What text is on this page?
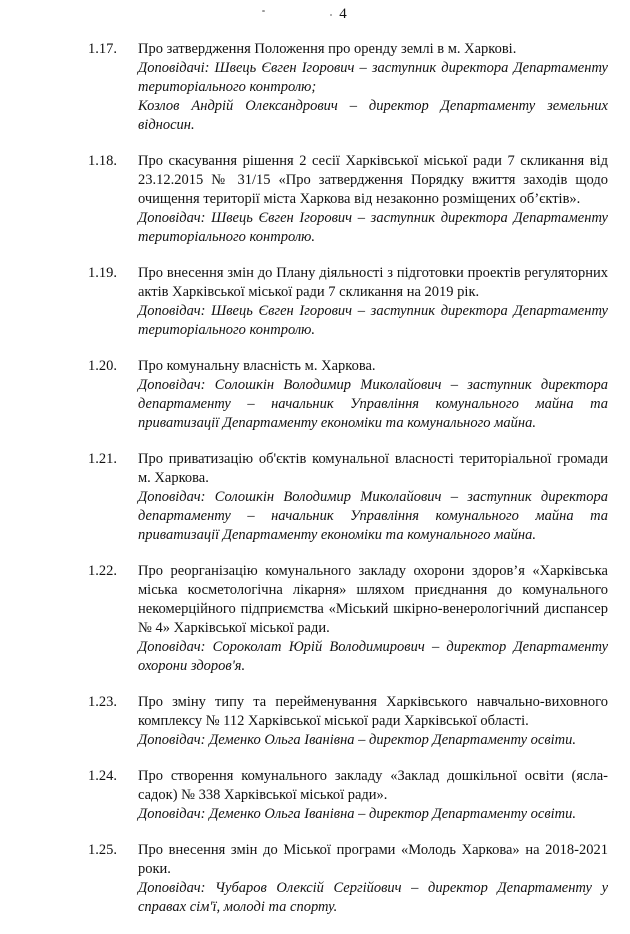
4
1.17.	Про затвердження Положення про оренду землі в м. Харкові.
Доповідачі: Швець Євген Ігорович – заступник директора Департаменту територіального контролю;
Козлов Андрій Олександрович – директор Департаменту земельних відносин.
1.18.	Про скасування рішення 2 сесії Харківської міської ради 7 скликання від 23.12.2015 № 31/15 «Про затвердження Порядку вжиття заходів щодо очищення території міста Харкова від незаконно розміщених об’єктів».
Доповідач: Швець Євген Ігорович – заступник директора Департаменту територіального контролю.
1.19.	Про внесення змін до Плану діяльності з підготовки проектів регуляторних актів Харківської міської ради 7 скликання на 2019 рік.
Доповідач: Швець Євген Ігорович – заступник директора Департаменту територіального контролю.
1.20.	Про комунальну власність м. Харкова.
Доповідач: Солошкін Володимир Миколайович – заступник директора департаменту – начальник Управління комунального майна та приватизації Департаменту економіки та комунального майна.
1.21.	Про приватизацію об'єктів комунальної власності територіальної громади м. Харкова.
Доповідач: Солошкін Володимир Миколайович – заступник директора департаменту – начальник Управління комунального майна та приватизації Департаменту економіки та комунального майна.
1.22.	Про реорганізацію комунального закладу охорони здоров’я «Харківська міська косметологічна лікарня» шляхом приєднання до комунального некомерційного підприємства «Міський шкірно-венерологічний диспансер № 4» Харківської міської ради.
Доповідач: Сороколат Юрій Володимирович – директор Департаменту охорони здоров'я.
1.23.	Про зміну типу та перейменування Харківського навчально-виховного комплексу № 112 Харківської міської ради Харківської області.
Доповідач: Деменко Ольга Іванівна – директор Департаменту освіти.
1.24.	Про створення комунального закладу «Заклад дошкільної освіти (ясла-садок) № 338 Харківської міської ради».
Доповідач: Деменко Ольга Іванівна – директор Департаменту освіти.
1.25.	Про внесення змін до Міської програми «Молодь Харкова» на 2018-2021 роки.
Доповідач: Чубаров Олексій Сергійович – директор Департаменту у справах сім'ї, молоді та спорту.
